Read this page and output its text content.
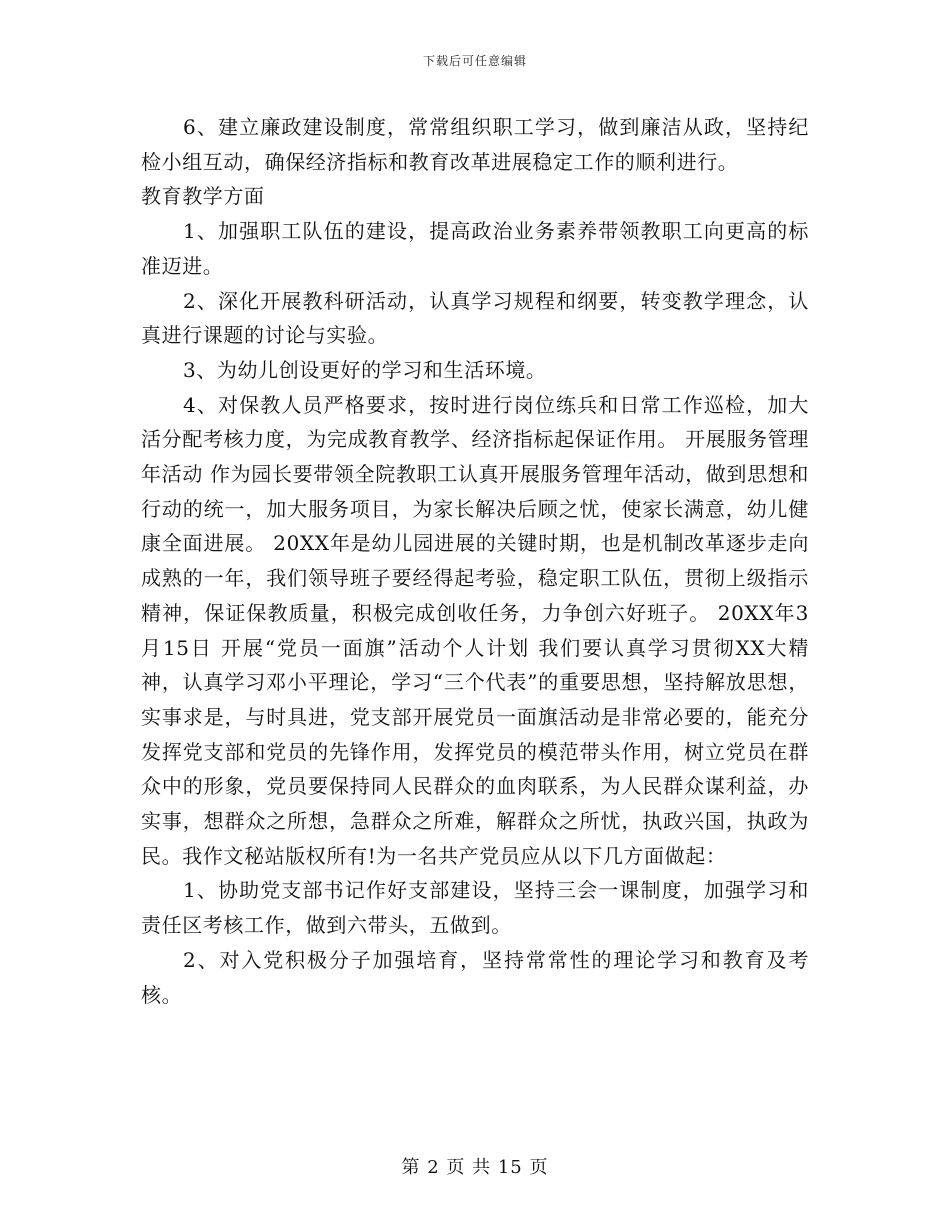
下载后可任意编辑

6、建立廉政建设制度，常常组织职工学习，做到廉洁从政，坚持纪检小组互动，确保经济指标和教育改革进展稳定工作的顺利进行。

教育教学方面

1、加强职工队伍的建设，提高政治业务素养带领教职工向更高的标准迈进。

2、深化开展教科研活动，认真学习规程和纲要，转变教学理念，认真进行课题的讨论与实验。

3、为幼儿创设更好的学习和生活环境。

4、对保教人员严格要求，按时进行岗位练兵和日常工作巡检，加大活分配考核力度，为完成教育教学、经济指标起保证作用。 开展服务管理年活动 作为园长要带领全院教职工认真开展服务管理年活动，做到思想和行动的统一，加大服务项目，为家长解决后顾之忧，使家长满意，幼儿健康全面进展。 20XX年是幼儿园进展的关键时期，也是机制改革逐步走向成熟的一年，我们领导班子要经得起考验，稳定职工队伍，贯彻上级指示精神，保证保教质量，积极完成创收任务，力争创六好班子。 20XX年3月15日 开展“党员一面旗”活动个人计划 我们要认真学习贯彻XX大精神，认真学习邓小平理论，学习“三个代表”的重要思想，坚持解放思想，实事求是，与时具进，党支部开展党员一面旗活动是非常必要的，能充分发挥党支部和党员的先锋作用，发挥党员的模范带头作用，树立党员在群众中的形象，党员要保持同人民群众的血肉联系，为人民群众谋利益，办实事，想群众之所想，急群众之所难，解群众之所忧，执政兴国，执政为民。我作文秘站版权所有!为一名共产党员应从以下几方面做起：

1、协助党支部书记作好支部建设，坚持三会一课制度，加强学习和责任区考核工作，做到六带头，五做到。

2、对入党积极分子加强培育，坚持常常性的理论学习和教育及考核。

第 2 页 共 15 页
